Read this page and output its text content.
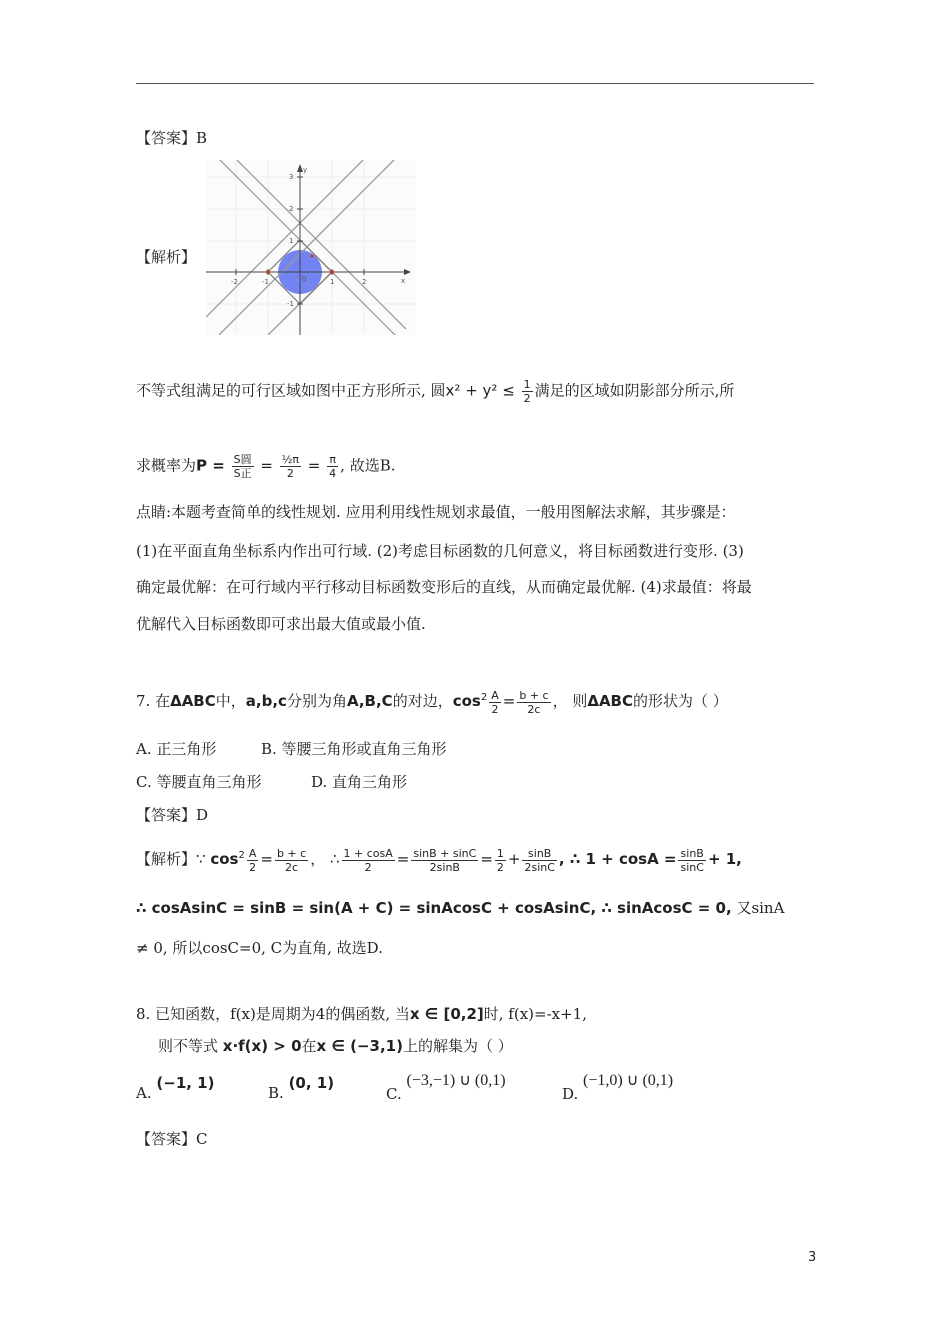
【答案】B
【解析】
y
x
3
2
1
-1
-2	-1	0	1	2
不等式组满足的可行区域如图中正方形所示, 圆$x^2 + y^2 \le \frac{1}{2}$ 满足的区域如阴影部分所示,所
求概率为$P = \frac{\text{S圆}}{\text{S正}} = \frac{\text{½π}}{2} = \frac{\pi}{4}$ , 故选B.
点睛:本题考查简单的线性规划. 应用利用线性规划求最值，一般用图解法求解，其步骤是：
(1)在平面直角坐标系内作出可行域. (2)考虑目标函数的几何意义，将目标函数进行变形. (3)
确定最优解：在可行域内平行移动目标函数变形后的直线，从而确定最优解. (4)求最值：将最
优解代入目标函数即可求出最大值或最小值.
7. 在ΔABC中，a,b,c分别为角A,B,C的对边，$\cos^2 \frac{A}{2} = \frac{b + c}{2c}$ ， 则ΔABC的形状为（ ）
A. 正三角形	B. 等腰三角形或直角三角形
C. 等腰直角三角形	D. 直角三角形
【答案】D
【解析】∵ $\cos^2 \frac{A}{2} = \frac{b + c}{2c}$ ， ∴ $\frac{1 + \cos A}{2} = \frac{\sin B + \sin C}{2\sin B} = \frac{1}{2} + \frac{\sin B}{2\sin C}$ , ∴ $1 + \cos A = \frac{\sin B}{\sin C} + 1$,
∴ cosAsinC = sinB = sin(A + C) = sinAcosC + cosAsinC, ∴ sinAcosC = 0, 又sinA
≠ 0, 所以cosC=0, C为直角, 故选D.
8. 已知函数，f(x)是周期为4的偶函数, 当x ∈ [0,2]时, f(x)=-x+1,
则不等式 x·f(x) > 0在x ∈ (−3,1)上的解集为（ ）
A. (−1, 1)
B. (0, 1)
C. (−3,−1) ∪ (0,1)
D. (−1,0) ∪ (0,1)
【答案】C
3
